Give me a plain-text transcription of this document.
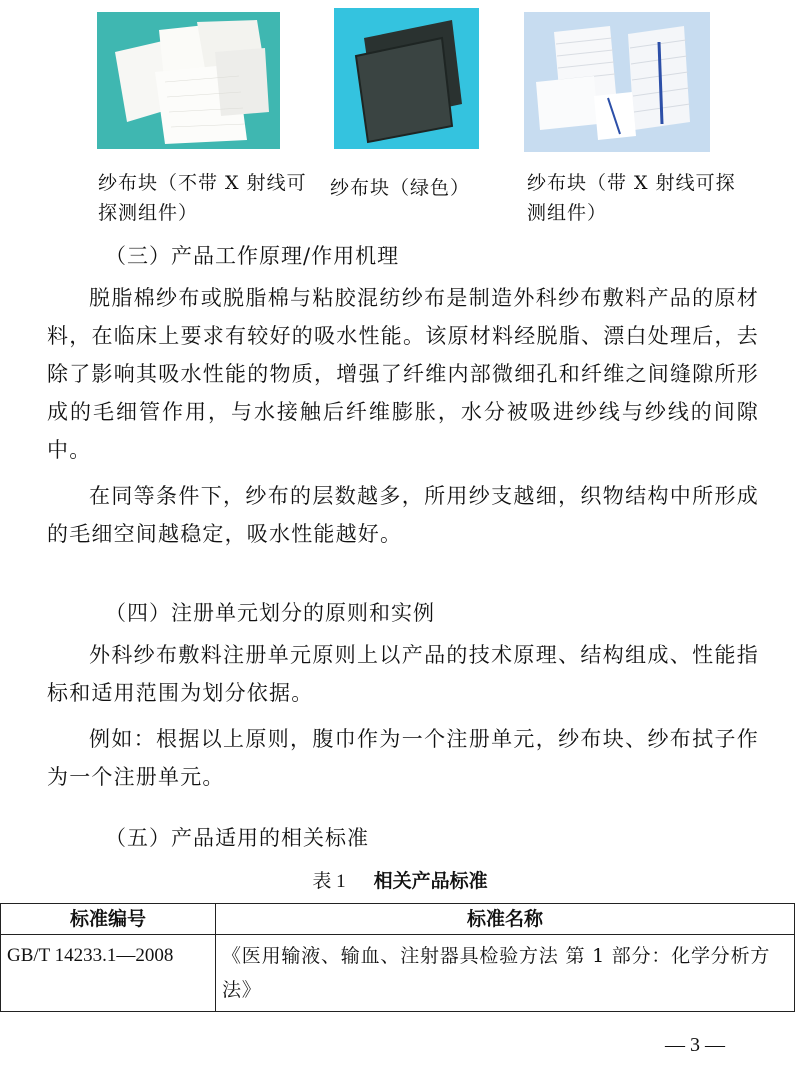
纱布块（不带 X 射线可探测组件）
纱布块（绿色）	纱布块（带 X 射线可探测组件）
（三）产品工作原理/作用机理

脱脂棉纱布或脱脂棉与粘胶混纺纱布是制造外科纱布敷料产品的原材料，在临床上要求有较好的吸水性能。该原材料经脱脂、漂白处理后，去除了影响其吸水性能的物质，增强了纤维内部微细孔和纤维之间缝隙所形成的毛细管作用，与水接触后纤维膨胀，水分被吸进纱线与纱线的间隙中。

在同等条件下，纱布的层数越多，所用纱支越细，织物结构中所形成的毛细空间越稳定，吸水性能越好。

（四）注册单元划分的原则和实例

外科纱布敷料注册单元原则上以产品的技术原理、结构组成、性能指标和适用范围为划分依据。

例如：根据以上原则，腹巾作为一个注册单元，纱布块、纱布拭子作为一个注册单元。

（五）产品适用的相关标准
表 1 相关产品标准
标准编号	标准名称
GB/T 14233.1—2008	《医用输液、输血、注射器具检验方法 第 1 部分：化学分析方法》
— 3 —
